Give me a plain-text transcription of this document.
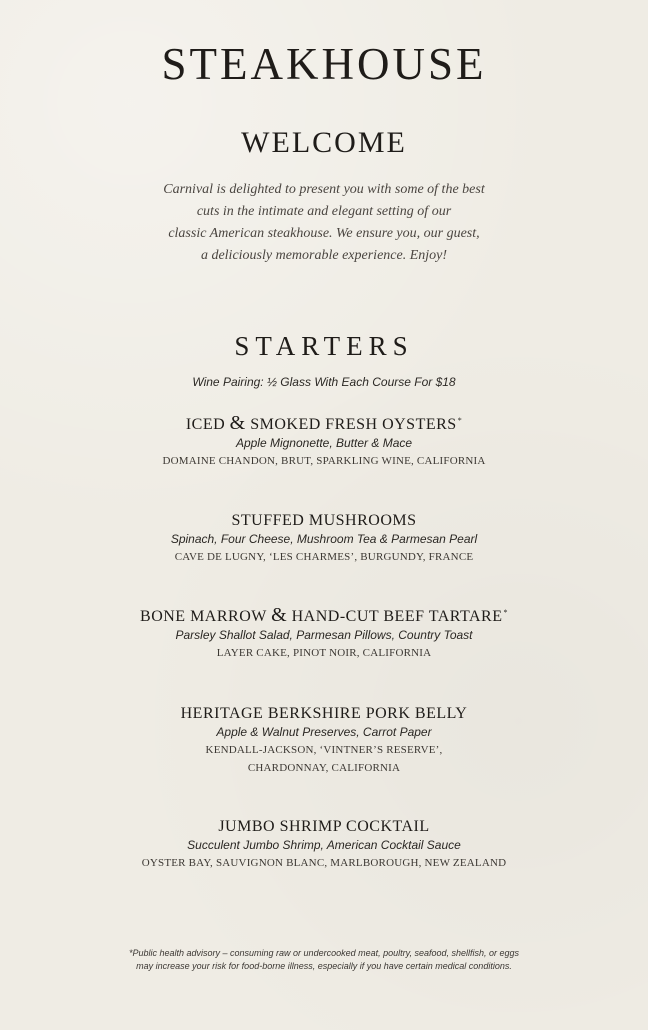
STEAKHOUSE
WELCOME
Carnival is delighted to present you with some of the best
cuts in the intimate and elegant setting of our
classic American steakhouse. We ensure you, our guest,
a deliciously memorable experience. Enjoy!
STARTERS
Wine Pairing: ½ Glass With Each Course For $18
ICED & SMOKED FRESH OYSTERS*
Apple Mignonette, Butter & Mace
DOMAINE CHANDON, BRUT, SPARKLING WINE, CALIFORNIA
STUFFED MUSHROOMS
Spinach, Four Cheese, Mushroom Tea & Parmesan Pearl
CAVE DE LUGNY, ‘LES CHARMES’, BURGUNDY, FRANCE
BONE MARROW & HAND-CUT BEEF TARTARE*
Parsley Shallot Salad, Parmesan Pillows, Country Toast
LAYER CAKE, PINOT NOIR, CALIFORNIA
HERITAGE BERKSHIRE PORK BELLY
Apple & Walnut Preserves, Carrot Paper
KENDALL-JACKSON, ‘VINTNER’S RESERVE’,
CHARDONNAY, CALIFORNIA
JUMBO SHRIMP COCKTAIL
Succulent Jumbo Shrimp, American Cocktail Sauce
OYSTER BAY, SAUVIGNON BLANC, MARLBOROUGH, NEW ZEALAND
*Public health advisory – consuming raw or undercooked meat, poultry, seafood, shellfish, or eggs
may increase your risk for food-borne illness, especially if you have certain medical conditions.
